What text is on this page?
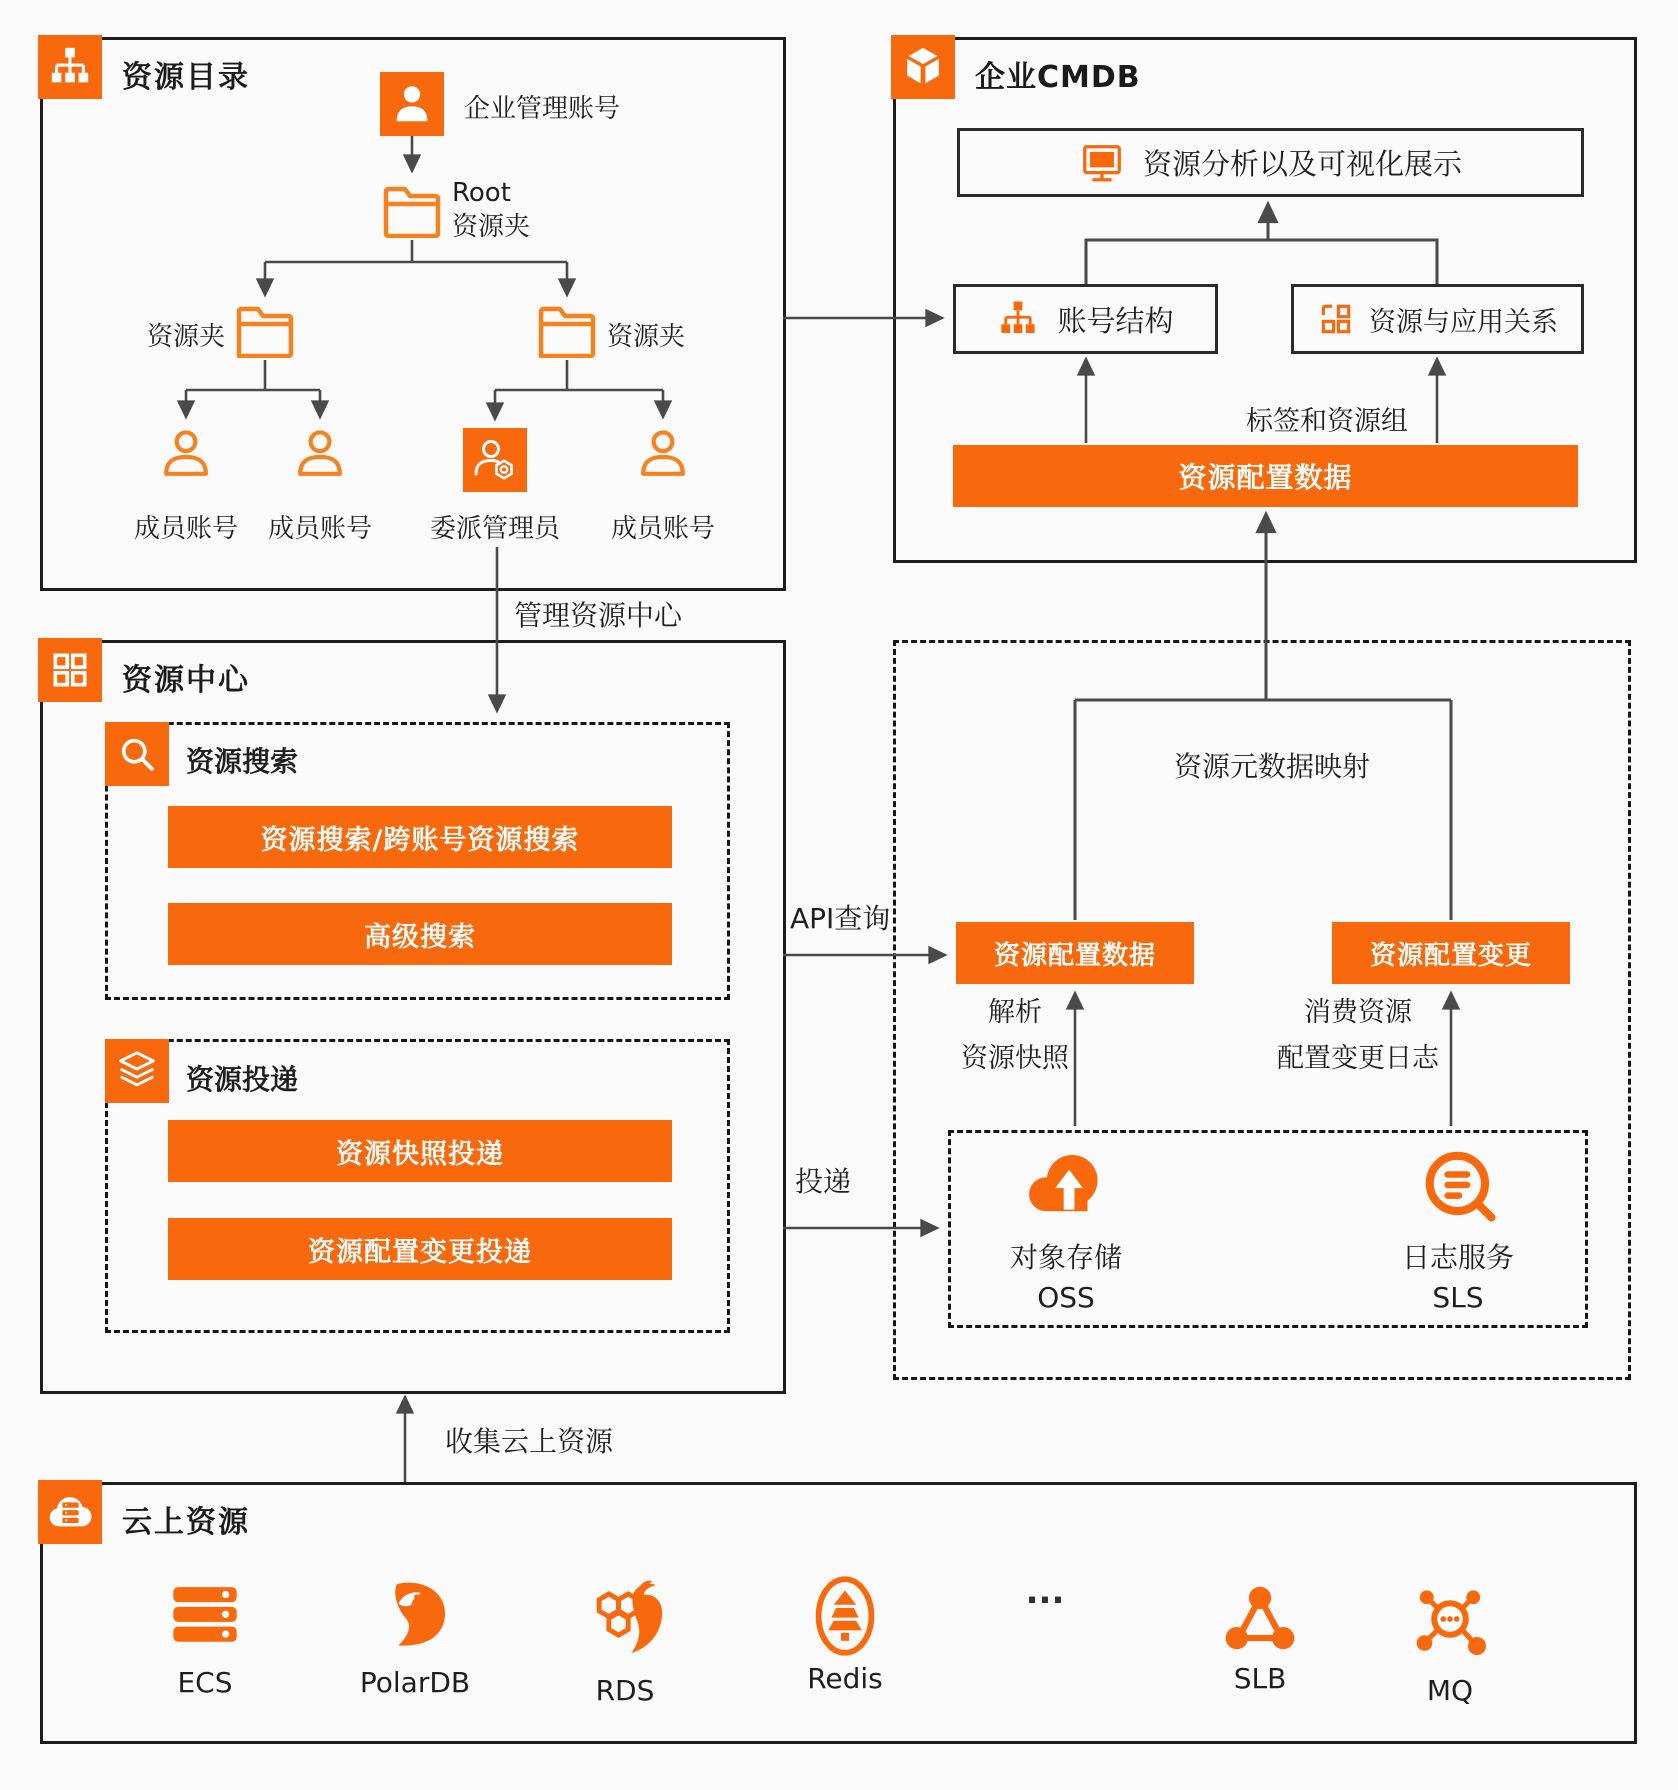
资源目录
企业管理账号
Root
资源夹
资源夹	资源夹
成员账号	成员账号	委派管理员	成员账号
企业CMDB
资源分析以及可视化展示
账号结构	资源与应用关系
标签和资源组
资源配置数据
资源中心
资源搜索
资源搜索/跨账号资源搜索
高级搜索
资源投递
资源快照投递
资源配置变更投递
资源元数据映射
资源配置数据	资源配置变更
解析
资源快照
消费资源
配置变更日志
API查询
投递
对象存储
OSS
日志服务
SLS
云上资源
ECS	PolarDB	RDS	Redis
...
SLB	MQ
管理资源中心
收集云上资源
